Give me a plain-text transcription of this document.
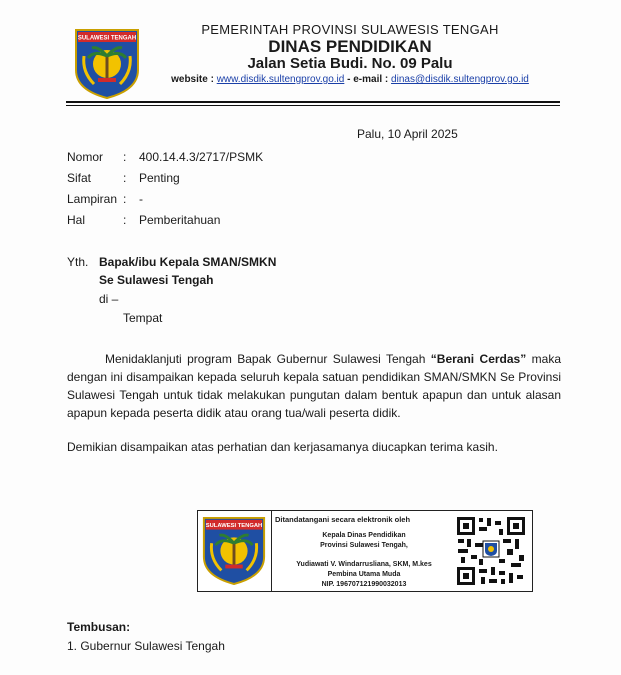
SULAWESI TENGAH
PEMERINTAH PROVINSI SULAWESIS TENGAH
DINAS PENDIDIKAN
Jalan Setia Budi. No. 09 Palu
website : www.disdik.sultengprov.go.id - e-mail : dinas@disdik.sultengprov.go.id
Palu, 10 April 2025
Nomor : 400.14.4.3/2717/PSMK
Sifat	: Penting
Lampiran : -
Hal	: Pemberitahuan
Yth. Bapak/ibu Kepala SMAN/SMKN
Se Sulawesi Tengah
di –
Tempat
Menidaklanjuti program Bapak Gubernur Sulawesi Tengah “Berani Cerdas” maka dengan ini disampaikan kepada seluruh kepala satuan pendidikan SMAN/SMKN Se Provinsi Sulawesi Tengah untuk tidak melakukan pungutan dalam bentuk apapun dan untuk alasan apapun kepada peserta didik atau orang tua/wali peserta didik.
Demikian disampaikan atas perhatian dan kerjasamanya diucapkan terima kasih.
SULAWESI TENGAH
Ditandatangani secara elektronik oleh
Kepala Dinas Pendidikan
Provinsi Sulawesi Tengah,
Yudiawati V. Windarrusliana, SKM, M.kes
Pembina Utama Muda
NIP. 196707121990032013
Tembusan:
1. Gubernur Sulawesi Tengah
